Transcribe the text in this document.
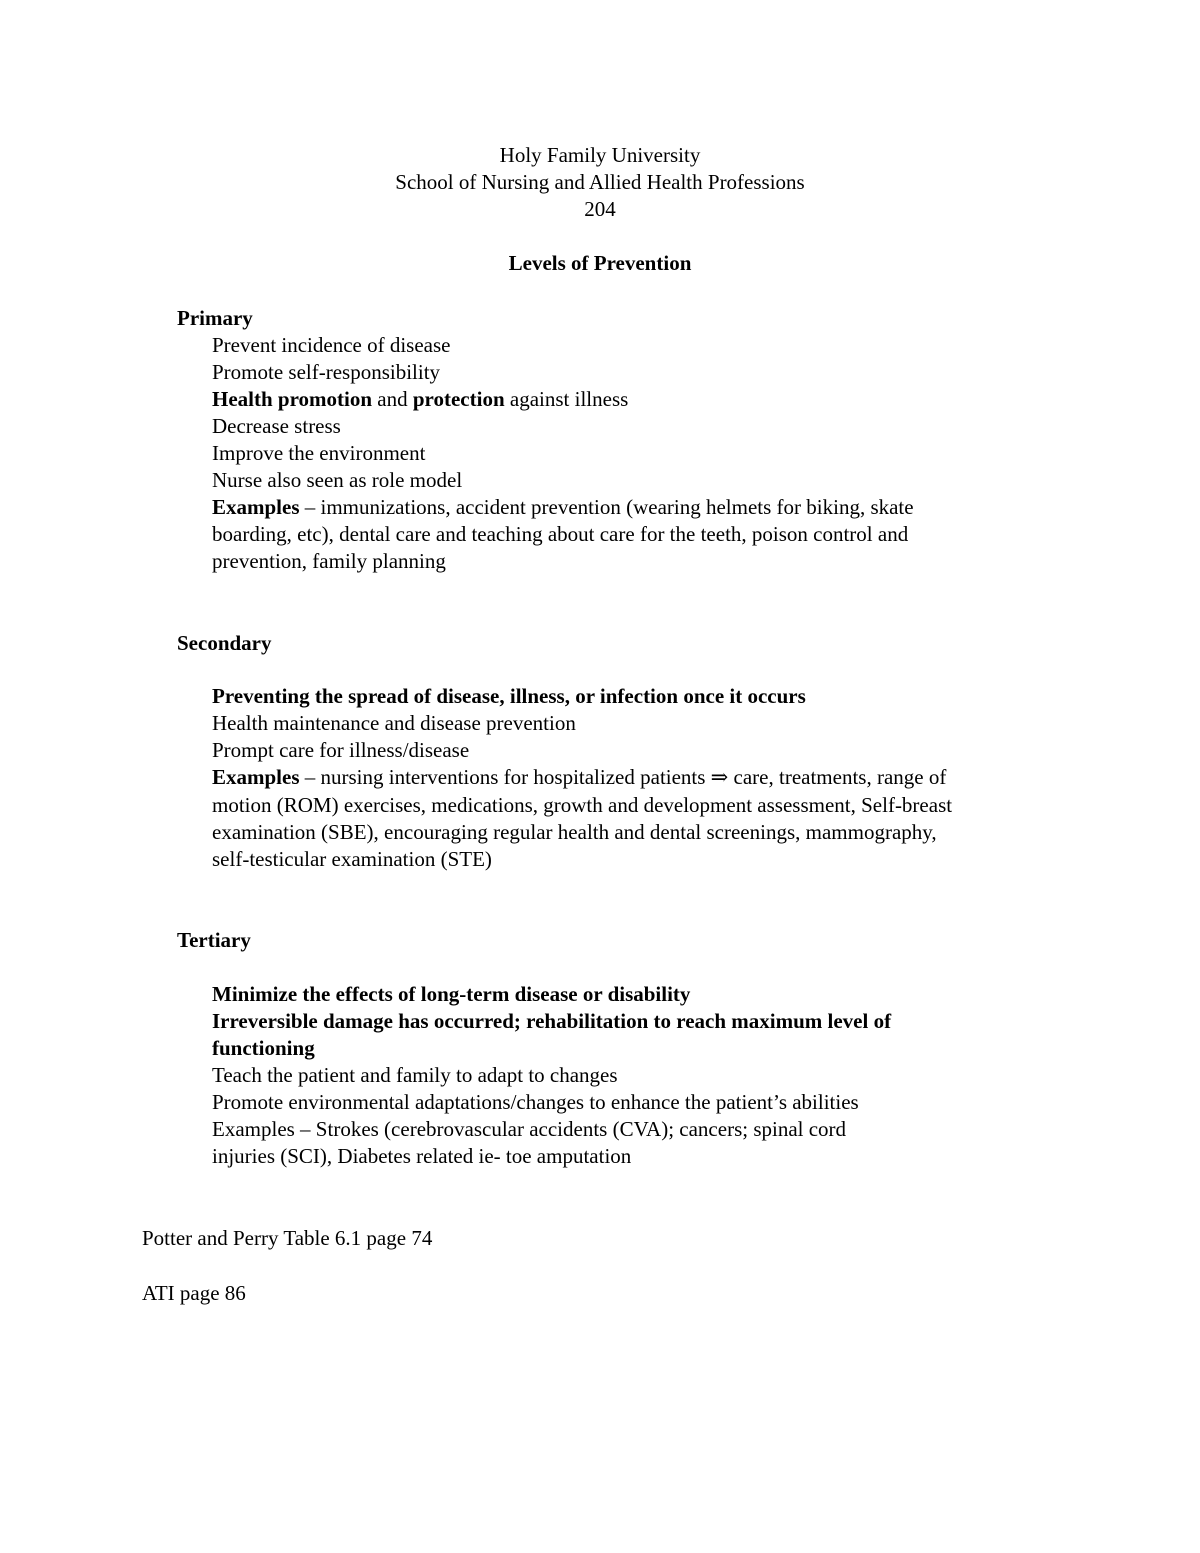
Holy Family University
School of Nursing and Allied Health Professions
204
Levels of Prevention
Primary
Prevent incidence of disease
Promote self-responsibility
Health promotion and protection against illness
Decrease stress
Improve the environment
Nurse also seen as role model
Examples – immunizations, accident prevention (wearing helmets for biking, skate
boarding, etc), dental care and teaching about care for the teeth, poison control and
prevention, family planning
Secondary
Preventing the spread of disease, illness, or infection once it occurs
Health maintenance and disease prevention
Prompt care for illness/disease
Examples – nursing interventions for hospitalized patients ⇒ care, treatments, range of
motion (ROM) exercises, medications, growth and development assessment, Self-breast
examination (SBE), encouraging regular health and dental screenings, mammography,
self-testicular examination (STE)
Tertiary
Minimize the effects of long-term disease or disability
Irreversible damage has occurred; rehabilitation to reach maximum level of
functioning
Teach the patient and family to adapt to changes
Promote environmental adaptations/changes to enhance the patient’s abilities
Examples – Strokes (cerebrovascular accidents (CVA); cancers; spinal cord
injuries (SCI), Diabetes related ie- toe amputation
Potter and Perry Table 6.1 page 74
ATI page 86
